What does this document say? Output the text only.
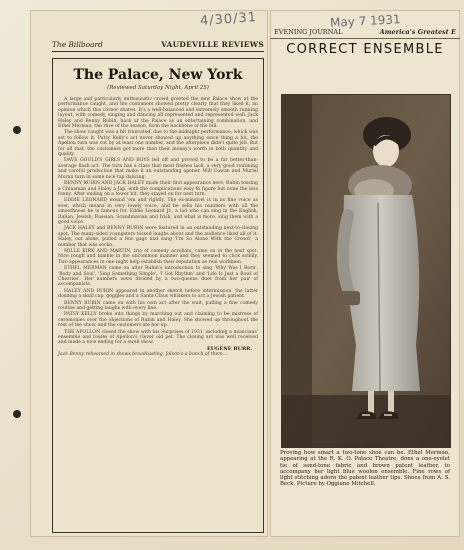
4/30/31
The Billboard	VAUDEVILLE REVIEWS
The Palace, New York
(Reviewed Saturday Night, April 25)

A large and particularly enthusiastic crowd greeted the new Palace show at the performance caught, and the customers showed pretty clearly that they liked it, an opinion which this corner shares. It's a well-balanced and extremely smooth running layout, with comedy, singing and dancing all represented and represented well. Jack Haley and Benny Rubin, back at the Palace as an entertaining combination, and Ethel Merman, the rave of the season, form the backbone of the bill.

The show caught was a bit truncated, due to the midnight performance, which was set to follow it. Patsy Kelly's act never showed up anything since thing a bit, the Apollon turn was cut by at least one number, and the afterpiece didn't quite jell. But for all that, the customers got more than their money's worth in both quantity and quality.

DAVE GOULD'S GIRLS AND BOYS led off and proved to be a far better-than-average flash act. The turn has a class that most flashes lack, a very good routining and careful production that make it an outstanding opener. Will Cowan and Muriel Moran turn in some nice tap dancing.

BENNY RUBIN AND JACK HALEY made their first appearance here, Rubin tossing a Chinaman and Haley a Jap, with the complications easy to figure but none the less funny. After ending on a tower bit, they stayed on for next turn.

EDDIE LEONARD wound 'em and rightly. The ex-minstrel is in as fine voice as ever, which means in very lovely voice, and he sells his numbers with all the smoothness he is famous for. Eddie Leonard Jr., a lad who can sing in the English, Italian, Jewish, Russian, Scandinavian and Irish, and what is more, sing them with a good voice.

JACK HALEY and BENNY RUBIN were featured in an outstanding next-to-closing spot. The many-sided youngsters tossed laughs about and the audience liked all of it. Haley, out alone, pulled a few gags and sang 'I'm So Alone With the Crowd', a number that was socko.

MILLE KIRK AND MARTIN, trio of comedy acrobats, came on in the next spot. Nice rough and tumble in the uncommon manner and they seemed to click solidly. Two appearances in one night help establish their reputation as real workmen.

ETHEL MERMAN came on after Rubin's introduction to sing 'Why Was I Born', 'Body and Soul', 'Sing Something Simple', 'I Got Rhythm' and 'Life Is Just a Bowl of Cherries'. Her numbers were divided by a two-queens duet from her pair of accompanists.

HALEY AND RUBIN appeared in another sketch before intermission, the latter donning a skull cap, goggles and a Santa Claus whiskers to act a Jewish patient.

BENNY RUBIN came on with his own act after the wait, pulling a fine comedy routine and getting laughs with every line.

PATSY KELLY broke into things by marching out and claiming to be mistress of ceremonies over the objections of Rubin and Haley. She showed up throughout the rest of the show, and the customers ate her up.

THE APOLLON closed the show with his Surprises of 1931, including a musicians' ensemble and tosses of Apollon's clever old pet. The closing act was well received and made a nice ending for a swell show.

EUGENE BURR.

Jack Benny rehearsed in shows broadcasting. Jolson's a bunch of them...

May 7 1931
EVENING JOURNAL	America's Greatest E
CORRECT ENSEMBLE
Proving how smart a two-tone shoe can be. Ethel Merman, appearing at the R. K. O. Palace Theatre, dons a one-eyelet tie of sand-tone fabric and brown patent leather, to accompany her light blue woolen ensemble. Fine rows of light stitching adorn the patent leather tips. Shoes from A. S. Beck. Picture by Oggiano Mitchell.
